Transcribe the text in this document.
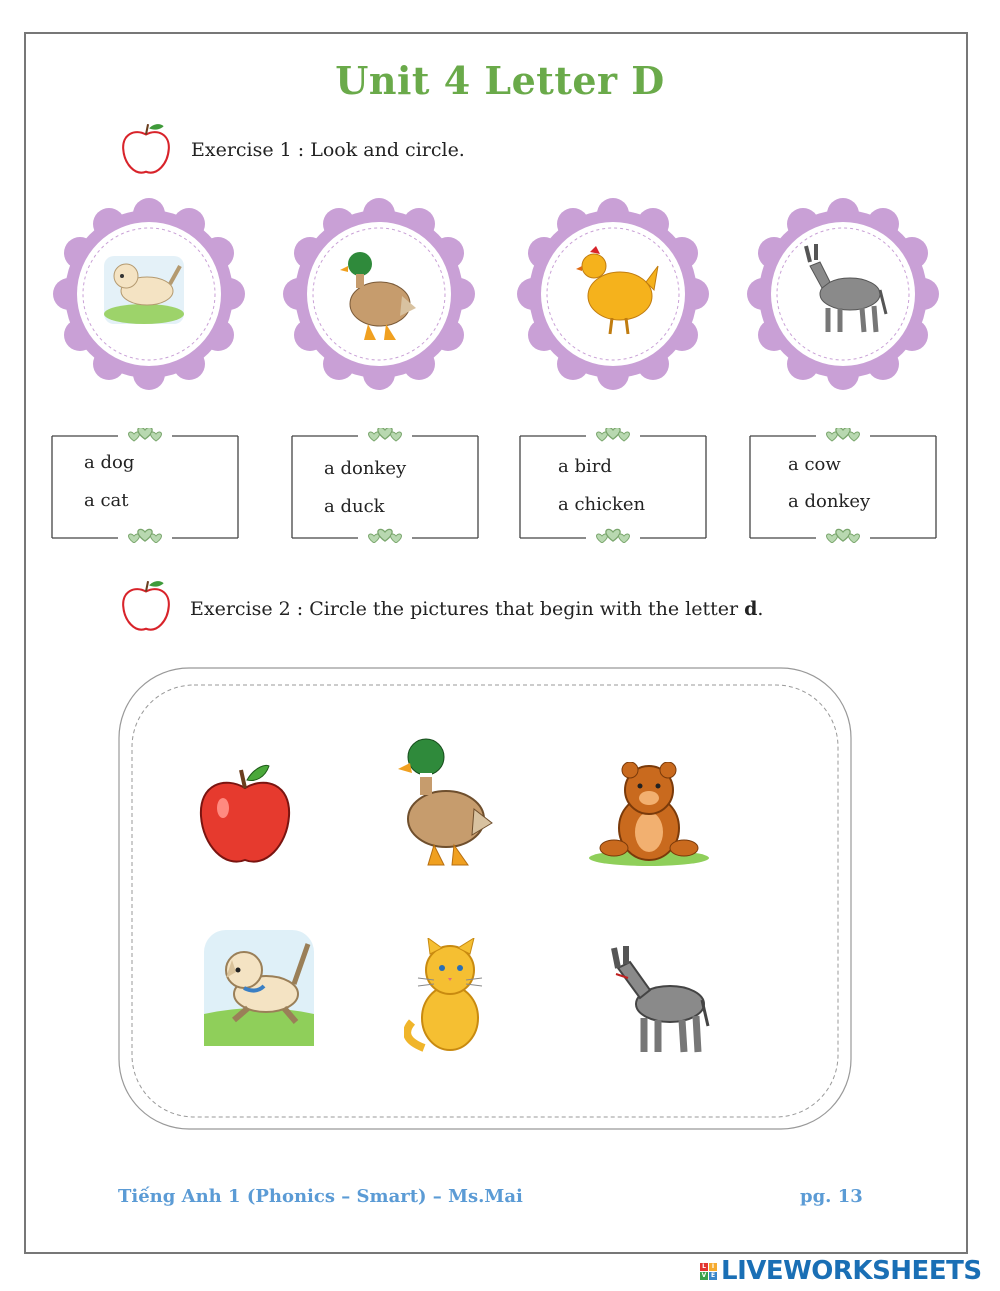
Unit 4 Letter D
Exercise 1 : Look and circle.
a dog
a cat
a donkey
a duck
a bird
a chicken
a cow
a donkey
Exercise 2 : Circle the pictures that begin with the letter d.
Tiếng Anh 1 (Phonics – Smart) – Ms.Mai	pg. 13
L I
V E LIVEWORKSHEETS
